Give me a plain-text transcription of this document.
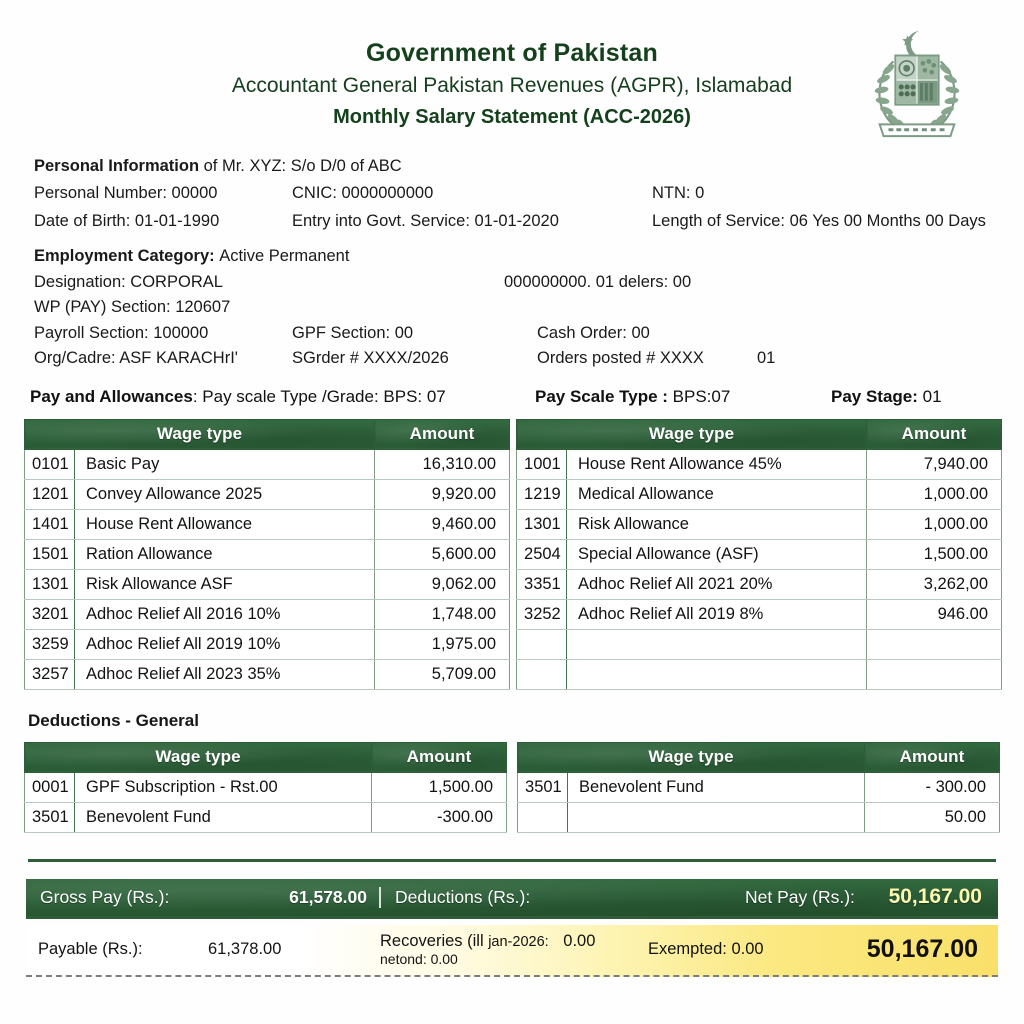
Government of Pakistan
Accountant General Pakistan Revenues (AGPR), Islamabad
Monthly Salary Statement (ACC-2026)
Personal Information
of Mr. XYZ: S/o D/0 of ABC
Personal Number: 00000	CNIC: 0000000000	NTN: 0
Date of Birth: 01-01-1990	Entry into Govt. Service: 01-01-2020	Length of Service: 06 Yes 00 Months 00 Days
Employment Category:
Active Permanent
Designation: CORPORAL	000000000. 01 delers: 00
WP (PAY) Section: 120607
Payroll Section: 100000	GPF Section: 00	Cash Order: 00
Org/Cadre: ASF KARACHrI'	SGrder # XXXX/2026	Orders posted # XXXX	01
Pay and Allowances: Pay scale Type /Grade: BPS: 07	Pay Scale Type : BPS:07	Pay Stage: 01
Wage type		Amount
0101	Basic Pay	16,310.00
1201	Convey Allowance 2025	9,920.00
1401	House Rent Allowance	9,460.00
1501	Ration Allowance	5,600.00
1301	Risk Allowance ASF	9,062.00
3201	Adhoc Relief All 2016 10%	1,748.00
3259	Adhoc Relief All 2019 10%	1,975.00
3257	Adhoc Relief All 2023 35%	5,709.00
Wage type		Amount
1001	House Rent Allowance 45%	7,940.00
1219	Medical Allowance	1,000.00
1301	Risk Allowance	1,000.00
2504	Special Allowance (ASF)	1,500.00
3351	Adhoc Relief All 2021 20%	3,262,00
3252	Adhoc Relief All 2019 8%	946.00

Deductions - General
Wage type		Amount
0001	GPF Subscription - Rst.00	1,500.00
3501	Benevolent Fund	-300.00
Wage type		Amount
3501	Benevolent Fund	- 300.00
		50.00
Gross Pay (Rs.):	61,578.00	Deductions (Rs.):	Net Pay (Rs.):	50,167.00
Payable (Rs.):	61,378.00	Recoveries (ill jan-2026: 0.00
netond: 0.00
Exempted: 0.00	50,167.00
